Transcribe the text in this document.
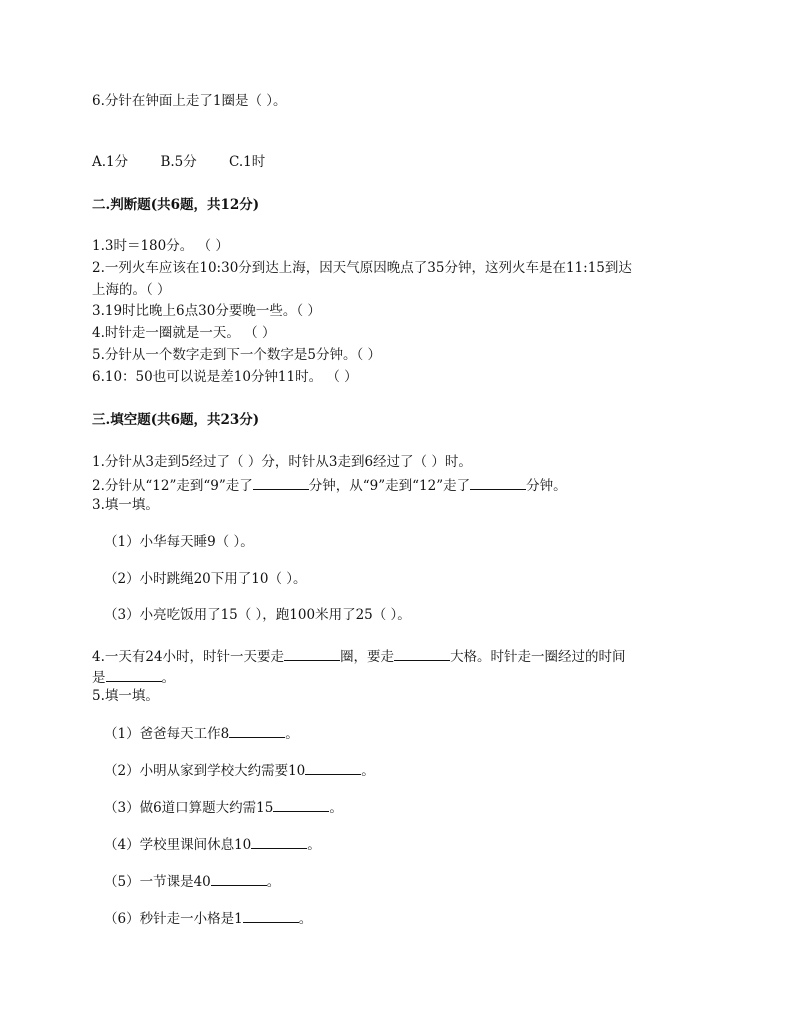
6.分针在钟面上走了1圈是（ ）。
A.1分 B.5分 C.1时
二.判断题(共6题，共12分)
1.3时＝180分。 （ ）
2.一列火车应该在10:30分到达上海，因天气原因晚点了35分钟，这列火车是在11:15到达
上海的。（ ）
3.19时比晚上6点30分要晚一些。（ ）
4.时针走一圈就是一天。 （ ）
5.分针从一个数字走到下一个数字是5分钟。（ ）
6.10：50也可以说是差10分钟11时。 （ ）
三.填空题(共6题，共23分)
1.分针从3走到5经过了（ ）分，时针从3走到6经过了（ ）时。
2.分针从“12”走到“9”走了	分钟，从“9”走到“12”走了	分钟。
3.填一填。
（1）小华每天睡9（ ）。
（2）小时跳绳20下用了10（ ）。
（3）小亮吃饭用了15（ ），跑100米用了25（ ）。
4.一天有24小时，时针一天要走	圈，要走	大格。时针走一圈经过的时间
是	。
5.填一填。
（1）爸爸每天工作8	。
（2）小明从家到学校大约需要10	。
（3）做6道口算题大约需15	。
（4）学校里课间休息10	。
（5）一节课是40	。
（6）秒针走一小格是1	。
